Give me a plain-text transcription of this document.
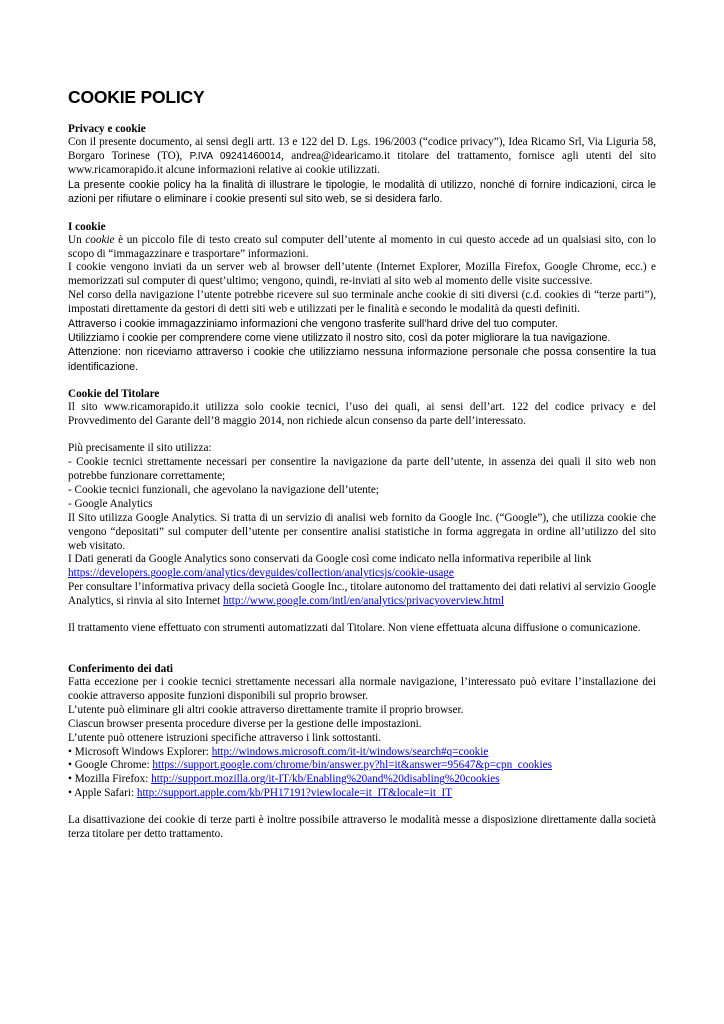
COOKIE POLICY
Privacy e cookie

Con il presente documento, ai sensi degli artt. 13 e 122 del D. Lgs. 196/2003 (“codice privacy”), Idea Ricamo Srl, Via Liguria 58, Borgaro Torinese (TO), P.IVA 09241460014, andrea@idearicamo.it titolare del trattamento, fornisce agli utenti del sito www.ricamorapido.it alcune informazioni relative ai cookie utilizzati.

La presente cookie policy ha la finalità di illustrare le tipologie, le modalità di utilizzo, nonché di fornire indicazioni, circa le azioni per rifiutare o eliminare i cookie presenti sul sito web, se si desidera farlo.

I cookie

Un cookie è un piccolo file di testo creato sul computer dell’utente al momento in cui questo accede ad un qualsiasi sito, con lo scopo di “immagazzinare e trasportare” informazioni.

I cookie vengono inviati da un server web al browser dell’utente (Internet Explorer, Mozilla Firefox, Google Chrome, ecc.) e memorizzati sul computer di quest’ultimo; vengono, quindi, re-inviati al sito web al momento delle visite successive.

Nel corso della navigazione l’utente potrebbe ricevere sul suo terminale anche cookie di siti diversi (c.d. cookies di “terze parti”), impostati direttamente da gestori di detti siti web e utilizzati per le finalità e secondo le modalità da questi definiti.

Attraverso i cookie immagazziniamo informazioni che vengono trasferite sull’hard drive del tuo computer.

Utilizziamo i cookie per comprendere come viene utilizzato il nostro sito, così da poter migliorare la tua navigazione.

Attenzione: non riceviamo attraverso i cookie che utilizziamo nessuna informazione personale che possa consentire la tua identificazione.

Cookie del Titolare

Il sito www.ricamorapido.it utilizza solo cookie tecnici, l’uso dei quali, ai sensi dell’art. 122 del codice privacy e del Provvedimento del Garante dell’8 maggio 2014, non richiede alcun consenso da parte dell’interessato.

Più precisamente il sito utilizza:

- Cookie tecnici strettamente necessari per consentire la navigazione da parte dell’utente, in assenza dei quali il sito web non potrebbe funzionare correttamente;

- Cookie tecnici funzionali, che agevolano la navigazione dell’utente;

- Google Analytics

Il Sito utilizza Google Analytics. Si tratta di un servizio di analisi web fornito da Google Inc. (“Google”), che utilizza cookie che vengono “depositati” sul computer dell’utente per consentire analisi statistiche in forma aggregata in ordine all’utilizzo del sito web visitato.

I Dati generati da Google Analytics sono conservati da Google così come indicato nella informativa reperibile al link

https://developers.google.com/analytics/devguides/collection/analyticsjs/cookie-usage

Per consultare l’informativa privacy della società Google Inc., titolare autonomo del trattamento dei dati relativi al servizio Google Analytics, si rinvia al sito Internet http://www.google.com/intl/en/analytics/privacyoverview.html

Il trattamento viene effettuato con strumenti automatizzati dal Titolare. Non viene effettuata alcuna diffusione o comunicazione.

Conferimento dei dati

Fatta eccezione per i cookie tecnici strettamente necessari alla normale navigazione, l’interessato può evitare l’installazione dei cookie attraverso apposite funzioni disponibili sul proprio browser.

L’utente può eliminare gli altri cookie attraverso direttamente tramite il proprio browser.

Ciascun browser presenta procedure diverse per la gestione delle impostazioni.

L’utente può ottenere istruzioni specifiche attraverso i link sottostanti.

• Microsoft Windows Explorer: http://windows.microsoft.com/it-it/windows/search#q=cookie

• Google Chrome: https://support.google.com/chrome/bin/answer.py?hl=it&answer=95647&p=cpn_cookies

• Mozilla Firefox: http://support.mozilla.org/it-IT/kb/Enabling%20and%20disabling%20cookies

• Apple Safari: http://support.apple.com/kb/PH17191?viewlocale=it_IT&locale=it_IT

La disattivazione dei cookie di terze parti è inoltre possibile attraverso le modalità messe a disposizione direttamente dalla società terza titolare per detto trattamento.
